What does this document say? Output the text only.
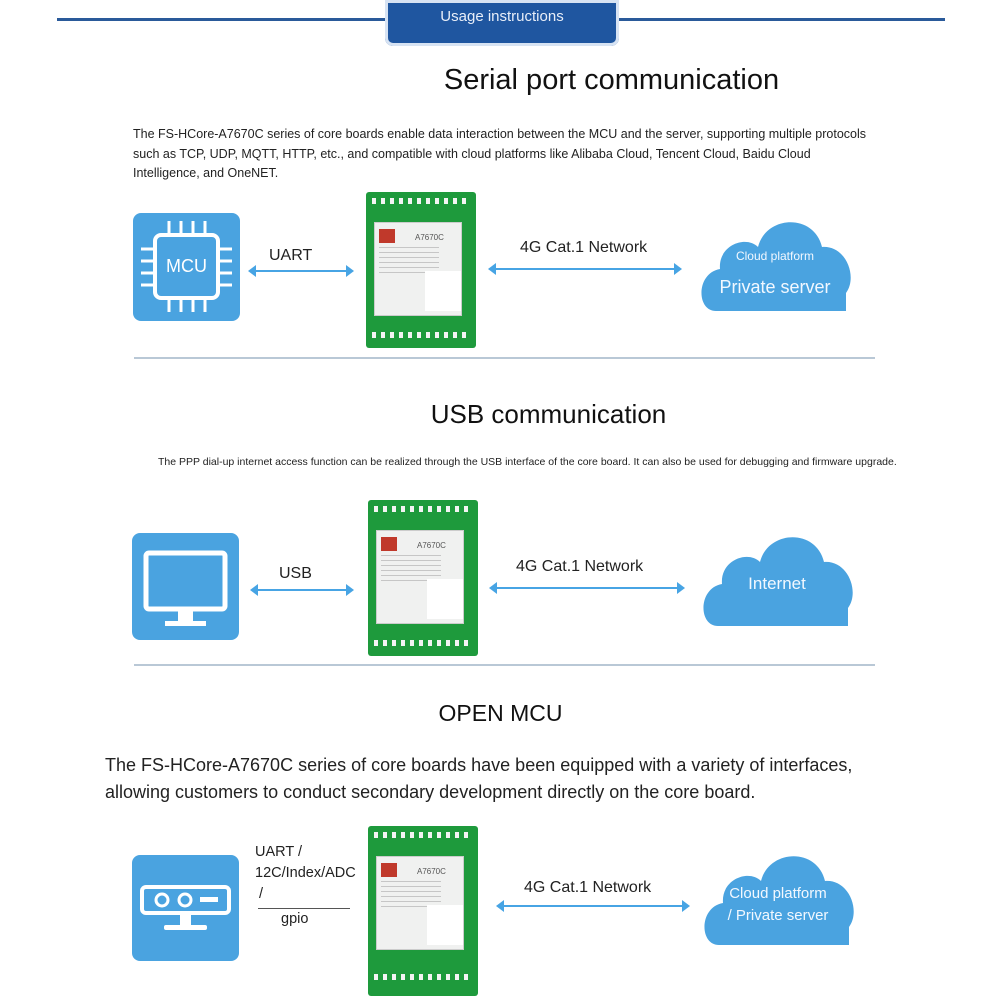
Usage instructions
Serial port communication
The FS-HCore-A7670C series of core boards enable data interaction between the MCU and the server, supporting multiple protocols
such as TCP, UDP, MQTT, HTTP, etc., and compatible with cloud platforms like Alibaba Cloud, Tencent Cloud, Baidu Cloud
Intelligence, and OneNET.
MCU
UART
A7670C
4G Cat.1 Network	Cloud platform
Private server
USB communication
The PPP dial-up internet access function can be realized through the USB interface of the core board. It can also be used for debugging and firmware upgrade.
USB
A7670C
4G Cat.1 Network
Internet
OPEN MCU
The FS-HCore-A7670C series of core boards have been equipped with a variety of interfaces,
allowing customers to conduct secondary development directly on the core board.
UART /
12C/Index/ADC
/
gpio
A7670C
4G Cat.1 Network	Cloud platform
/ Private server
